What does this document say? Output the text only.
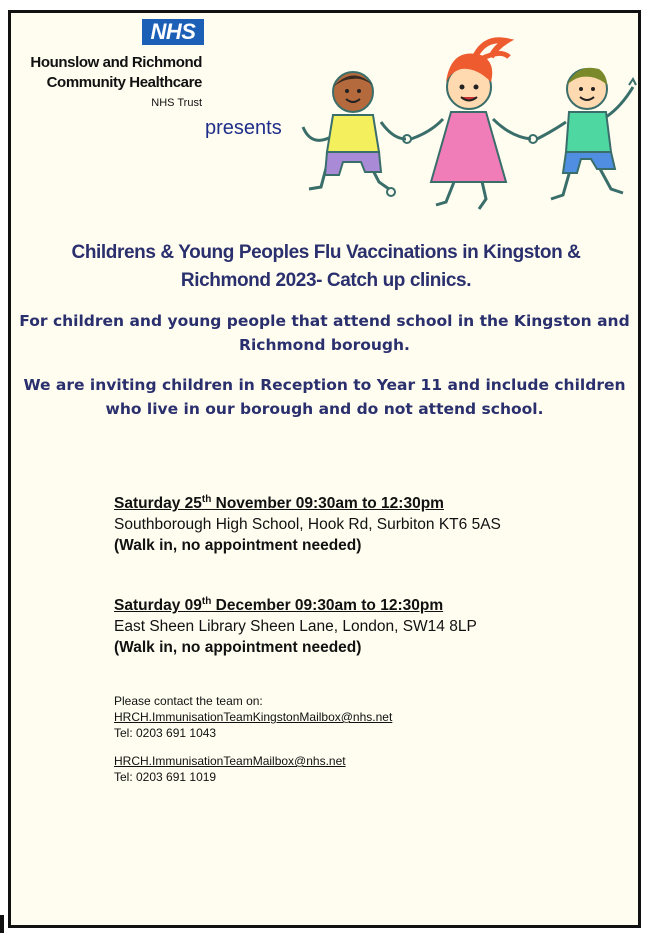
NHS
Hounslow and Richmond
Community Healthcare
NHS Trust
presents
Childrens & Young Peoples Flu Vaccinations in Kingston &
Richmond 2023- Catch up clinics.
For children and young people that attend school in the Kingston and
Richmond borough.
We are inviting children in Reception to Year 11 and include children
who live in our borough and do not attend school.
Saturday 25th November 09:30am to 12:30pm
Southborough High School, Hook Rd, Surbiton KT6 5AS
(Walk in, no appointment needed)
Saturday 09th December 09:30am to 12:30pm
East Sheen Library Sheen Lane, London, SW14 8LP
(Walk in, no appointment needed)
Please contact the team on:
HRCH.ImmunisationTeamKingstonMailbox@nhs.net
Tel: 0203 691 1043
HRCH.ImmunisationTeamMailbox@nhs.net
Tel: 0203 691 1019
